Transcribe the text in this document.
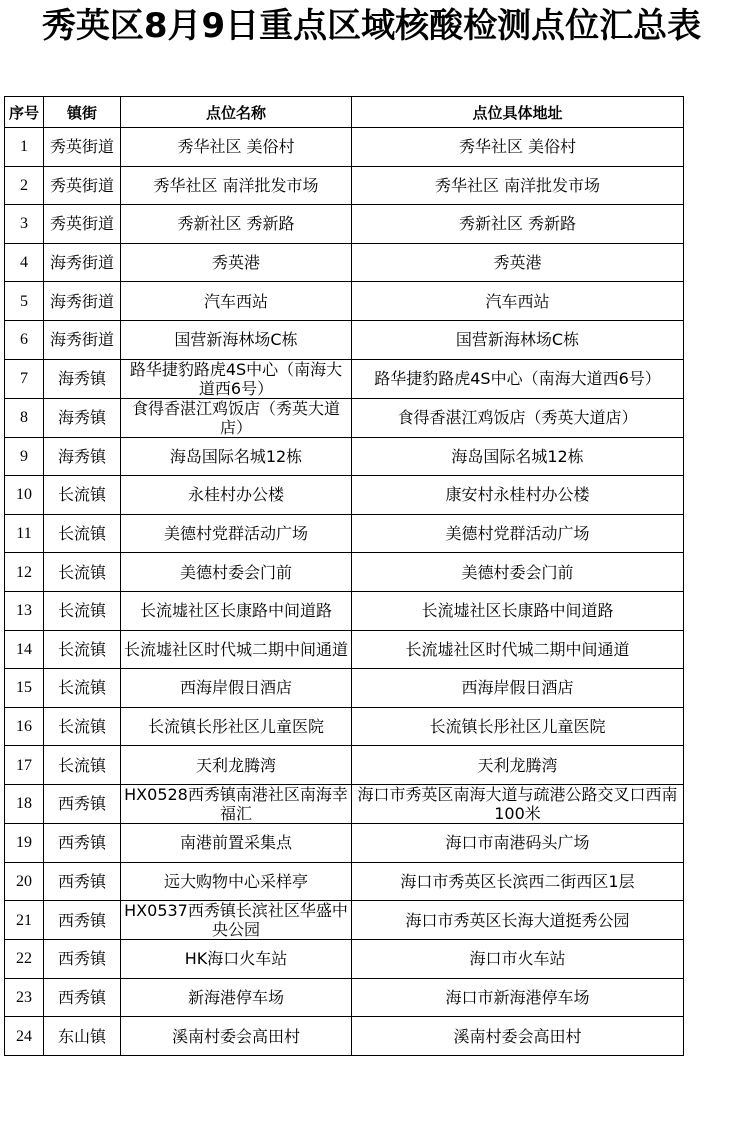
秀英区8月9日重点区域核酸检测点位汇总表
序号	镇街	点位名称	点位具体地址
1	秀英街道	秀华社区 美俗村	秀华社区 美俗村
2	秀英街道	秀华社区 南洋批发市场	秀华社区 南洋批发市场
3	秀英街道	秀新社区 秀新路	秀新社区 秀新路
4	海秀街道	秀英港	秀英港
5	海秀街道	汽车西站	汽车西站
6	海秀街道	国营新海林场C栋	国营新海林场C栋
7	海秀镇	路华捷豹路虎4S中心（南海大道西6号）	路华捷豹路虎4S中心（南海大道西6号）
8	海秀镇	食得香湛江鸡饭店（秀英大道店）	食得香湛江鸡饭店（秀英大道店）
9	海秀镇	海岛国际名城12栋	海岛国际名城12栋
10	长流镇	永桂村办公楼	康安村永桂村办公楼
11	长流镇	美德村党群活动广场	美德村党群活动广场
12	长流镇	美德村委会门前	美德村委会门前
13	长流镇	长流墟社区长康路中间道路	长流墟社区长康路中间道路
14	长流镇	长流墟社区时代城二期中间通道	长流墟社区时代城二期中间通道
15	长流镇	西海岸假日酒店	西海岸假日酒店
16	长流镇	长流镇长彤社区儿童医院	长流镇长彤社区儿童医院
17	长流镇	天利龙腾湾	天利龙腾湾
18	西秀镇	HX0528西秀镇南港社区南海幸福汇	海口市秀英区南海大道与疏港公路交叉口西南100米
19	西秀镇	南港前置采集点	海口市南港码头广场
20	西秀镇	远大购物中心采样亭	海口市秀英区长滨西二街西区1层
21	西秀镇	HX0537西秀镇长滨社区华盛中央公园	海口市秀英区长海大道挺秀公园
22	西秀镇	HK海口火车站	海口市火车站
23	西秀镇	新海港停车场	海口市新海港停车场
24	东山镇	溪南村委会高田村	溪南村委会高田村
